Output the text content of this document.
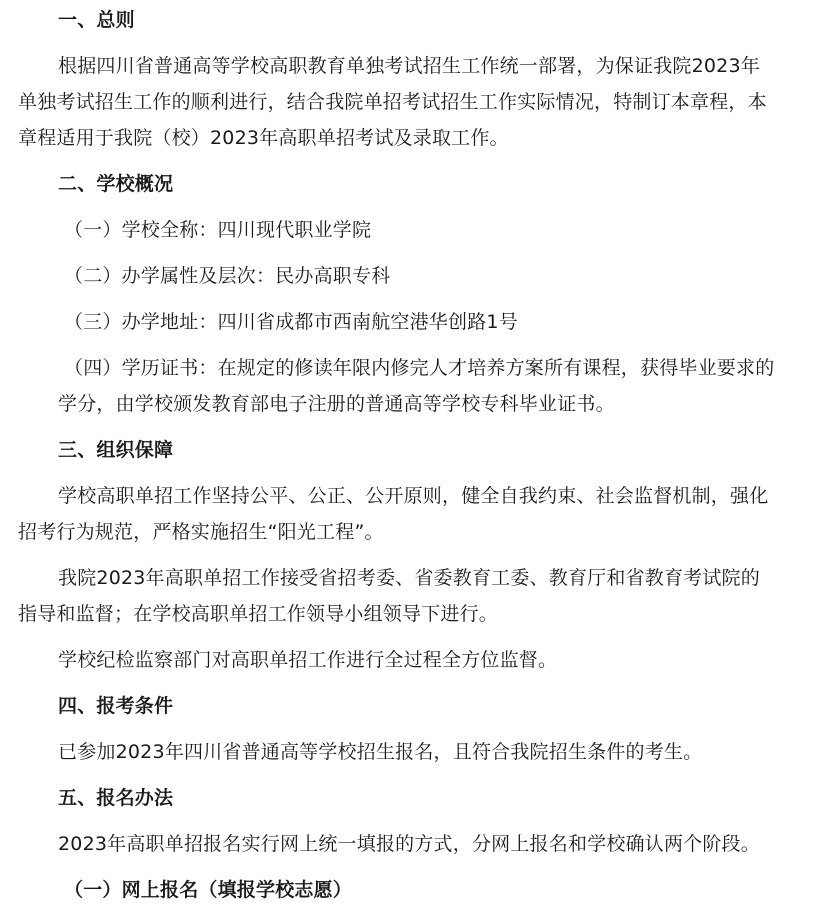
一、总则
根据四川省普通高等学校高职教育单独考试招生工作统一部署，为保证我院2023年
单独考试招生工作的顺利进行，结合我院单招考试招生工作实际情况，特制订本章程，本
章程适用于我院（校）2023年高职单招考试及录取工作。
二、学校概况
（一）学校全称：四川现代职业学院
（二）办学属性及层次：民办高职专科
（三）办学地址：四川省成都市西南航空港华创路1号
（四）学历证书：在规定的修读年限内修完人才培养方案所有课程，获得毕业要求的
学分，由学校颁发教育部电子注册的普通高等学校专科毕业证书。
三、组织保障
学校高职单招工作坚持公平、公正、公开原则，健全自我约束、社会监督机制，强化
招考行为规范，严格实施招生“阳光工程”。
我院2023年高职单招工作接受省招考委、省委教育工委、教育厅和省教育考试院的
指导和监督；在学校高职单招工作领导小组领导下进行。
学校纪检监察部门对高职单招工作进行全过程全方位监督。
四、报考条件
已参加2023年四川省普通高等学校招生报名，且符合我院招生条件的考生。
五、报名办法
2023年高职单招报名实行网上统一填报的方式，分网上报名和学校确认两个阶段。
（一）网上报名（填报学校志愿）
